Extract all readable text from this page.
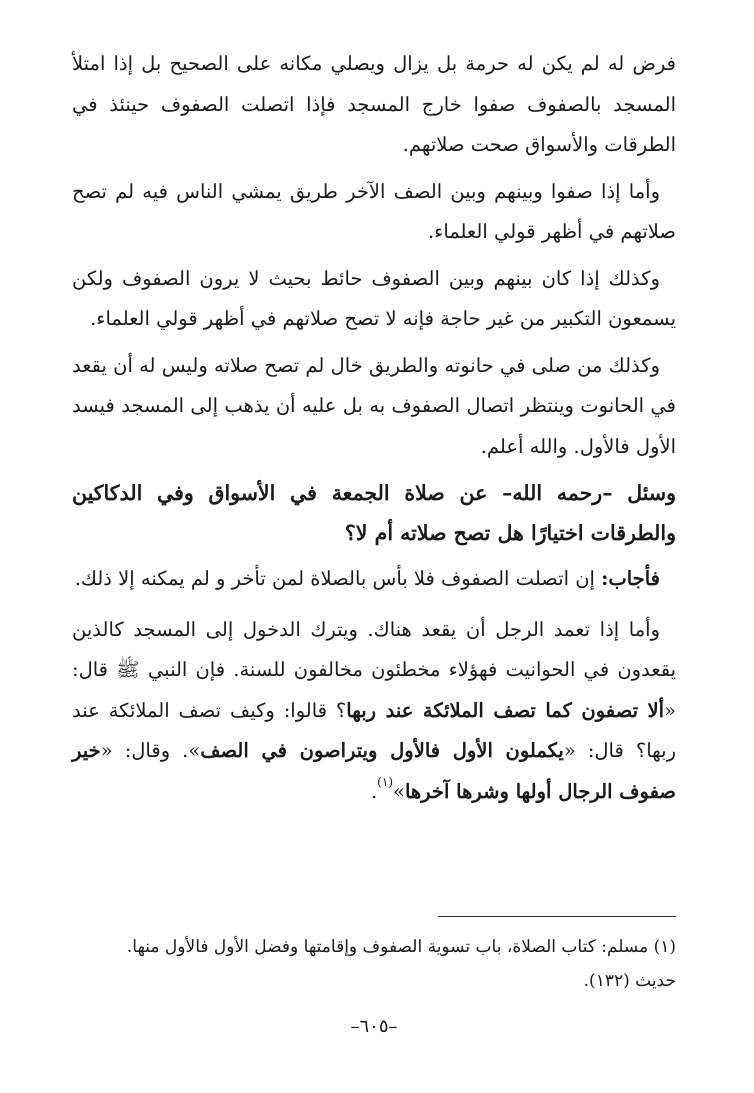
فرض له لم يكن له حرمة بل يزال ويصلي مكانه على الصحيح بل إذا امتلأ المسجد بالصفوف صفوا خارج المسجد فإذا اتصلت الصفوف حينئذ في الطرقات والأسواق صحت صلاتهم.

وأما إذا صفوا وبينهم وبين الصف الآخر طريق يمشي الناس فيه لم تصح صلاتهم في أظهر قولي العلماء.

وكذلك إذا كان بينهم وبين الصفوف حائط بحيث لا يرون الصفوف ولكن يسمعون التكبير من غير حاجة فإنه لا تصح صلاتهم في أظهر قولي العلماء.

وكذلك من صلى في حانوته والطريق خال لم تصح صلاته وليس له أن يقعد في الحانوت وينتظر اتصال الصفوف به بل عليه أن يذهب إلى المسجد فيسد الأول فالأول. والله أعلم.

وسئل –رحمه الله– عن صلاة الجمعة في الأسواق وفي الدكاكين والطرقات اختيارًا هل تصح صلاته أم لا؟

فأجاب: إن اتصلت الصفوف فلا بأس بالصلاة لمن تأخر و لم يمكنه إلا ذلك.

وأما إذا تعمد الرجل أن يقعد هناك. ويترك الدخول إلى المسجد كالذين يقعدون في الحوانيت فهؤلاء مخطئون مخالفون للسنة. فإن النبي ﷺ قال: «ألا تصفون كما تصف الملائكة عند ربها؟ قالوا: وكيف تصف الملائكة عند ربها؟ قال: «يكملون الأول فالأول ويتراصون في الصف». وقال: «خير صفوف الرجال أولها وشرها آخرها»$^{(١)}$.

(١) مسلم: كتاب الصلاة، باب تسوية الصفوف وإقامتها وفضل الأول فالأول منها.
حديث (١٣٢).
–٦٠٥–
